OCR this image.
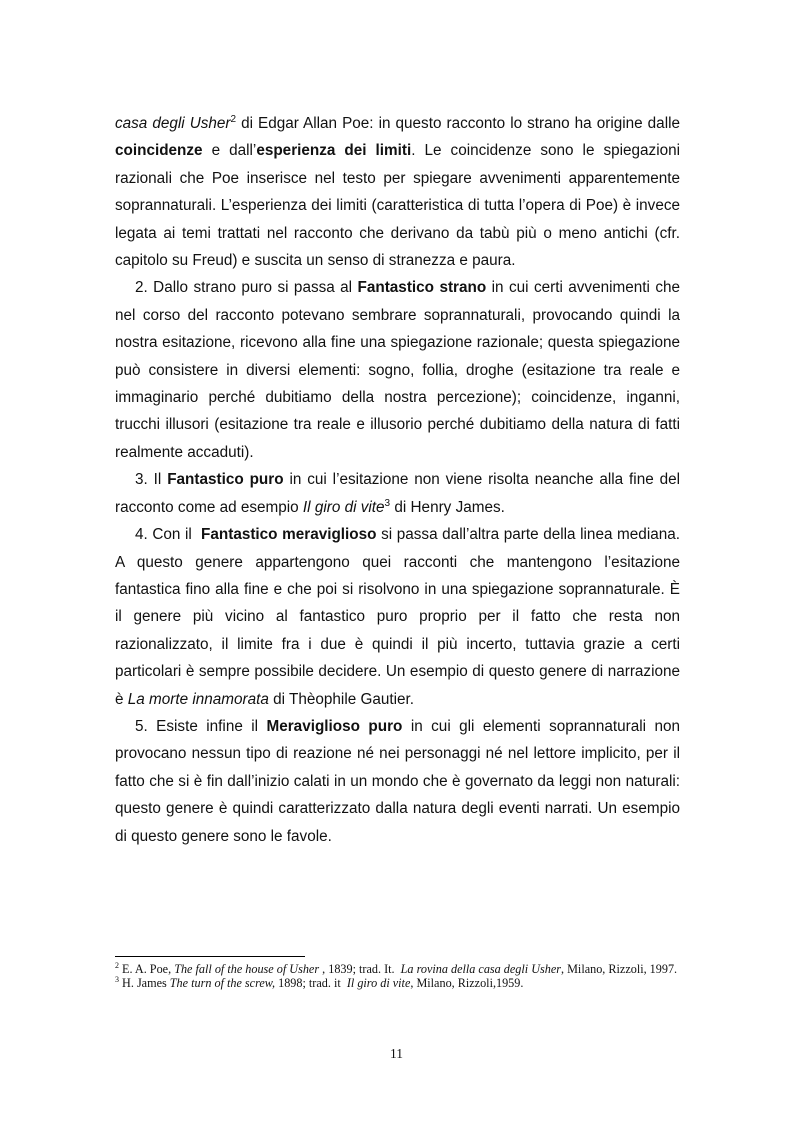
casa degli Usher$^2$ di Edgar Allan Poe: in questo racconto lo strano ha origine dalle coincidenze e dall’esperienza dei limiti. Le coincidenze sono le spiegazioni razionali che Poe inserisce nel testo per spiegare avvenimenti apparentemente soprannaturali. L’esperienza dei limiti (caratteristica di tutta l’opera di Poe) è invece legata ai temi trattati nel racconto che derivano da tabù più o meno antichi (cfr. capitolo su Freud) e suscita un senso di stranezza e paura.

2. Dallo strano puro si passa al Fantastico strano in cui certi avvenimenti che nel corso del racconto potevano sembrare soprannaturali, provocando quindi la nostra esitazione, ricevono alla fine una spiegazione razionale; questa spiegazione può consistere in diversi elementi: sogno, follia, droghe (esitazione tra reale e immaginario perché dubitiamo della nostra percezione); coincidenze, inganni, trucchi illusori (esitazione tra reale e illusorio perché dubitiamo della natura di fatti realmente accaduti).

3. Il Fantastico puro in cui l’esitazione non viene risolta neanche alla fine del racconto come ad esempio Il giro di vite$^3$ di Henry James.

4. Con il  Fantastico meraviglioso si passa dall’altra parte della linea mediana. A questo genere appartengono quei racconti che mantengono l’esitazione fantastica fino alla fine e che poi si risolvono in una spiegazione soprannaturale. È il genere più vicino al fantastico puro proprio per il fatto che resta non razionalizzato, il limite fra i due è quindi il più incerto, tuttavia grazie a certi particolari è sempre possibile decidere. Un esempio di questo genere di narrazione è La morte innamorata di Thèophile Gautier.

5. Esiste infine il Meraviglioso puro in cui gli elementi soprannaturali non provocano nessun tipo di reazione né nei personaggi né nel lettore implicito, per il fatto che si è fin dall’inizio calati in un mondo che è governato da leggi non naturali: questo genere è quindi caratterizzato dalla natura degli eventi narrati. Un esempio di questo genere sono le favole.

$^2$ E. A. Poe, The fall of the house of Usher , 1839; trad. It.  La rovina della casa degli Usher, Milano, Rizzoli, 1997.

$^3$ H. James The turn of the screw, 1898; trad. it  Il giro di vite, Milano, Rizzoli,1959.

11
